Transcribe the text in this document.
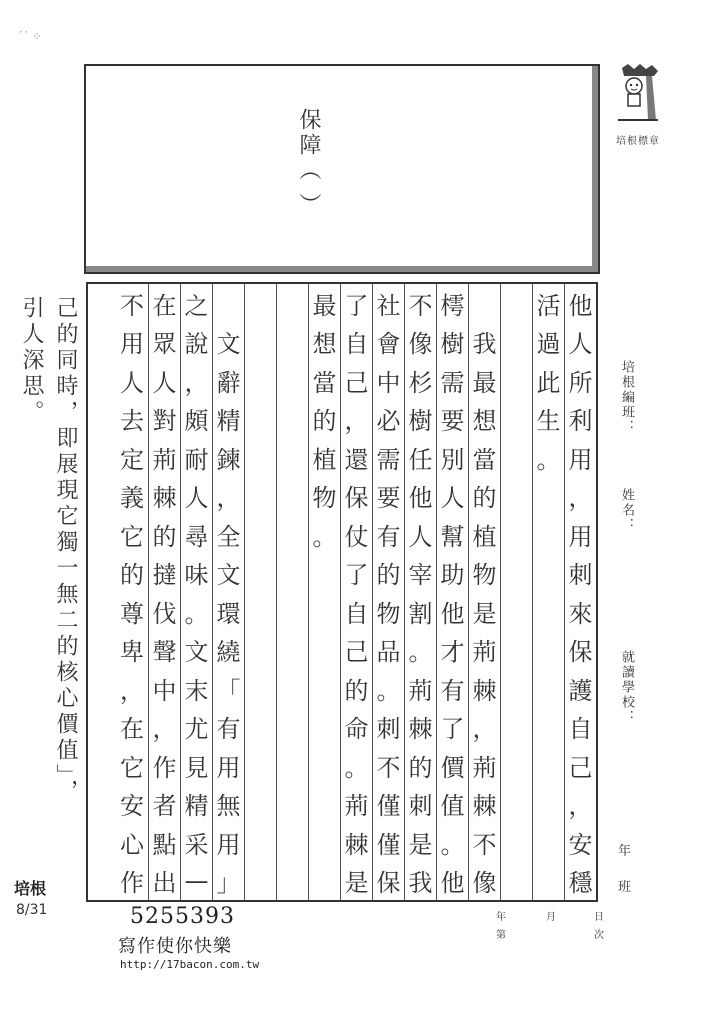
˙˙ ⁘
保障（ ）	培根標章
他
人
所
利
用
，
用
刺
來
保
護
自
己
，
安
穩
活
過
此
生
。

我
最
想
當
的
植
物
是
荊
棘
，
荊
棘
不
像
樗
樹
需
要
別
人
幫
助
他
才
有
了
價
值
。
他
不
像
杉
樹
任
他
人
宰
割
。
荊
棘
的
刺
是
我
社
會
中
必
需
要
有
的
物
品
。
刺
不
僅
僅
保
了
自
己
，
還
保
仗
了
自
己
的
命
。
荊
棘
是
最
想
當
的
植
物
。

文
辭
精
鍊
，
全
文
環
繞
「
有
用
無
用
」
之
說
，
頗
耐
人
尋
味
。
文
末
尤
見
精
采
—
在
眾
人
對
荊
棘
的
撻
伐
聲
中
，
作
者
點
出
不
用
人
去
定
義
它
的
尊
卑
，
在
它
安
心
作
培根編班：
姓名：
就讀學校：
年
班
年	月	日
第	次
己的同時，即展現它獨一無二的核心價值」，
引人深思。
培根
8/31	5255393
寫作使你快樂
http://17bacon.com.tw
